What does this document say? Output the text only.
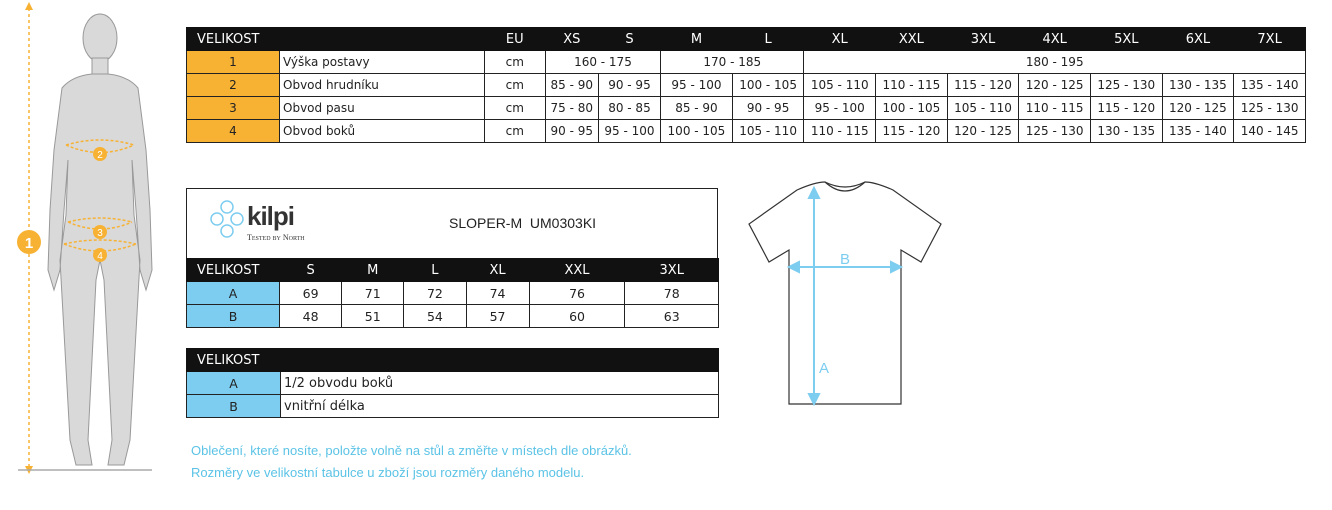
2
3
4
1
VELIKOST		EU	XS	S	M	L	XL	XXL	3XL	4XL	5XL	6XL	7XL
1	Výška postavy	cm	160 - 175		170 - 185		180 - 195						
2	Obvod hrudníku	cm	85 - 90	90 - 95	95 - 100	100 - 105	105 - 110	110 - 115	115 - 120	120 - 125	125 - 130	130 - 135	135 - 140
3	Obvod pasu	cm	75 - 80	80 - 85	85 - 90	90 - 95	95 - 100	100 - 105	105 - 110	110 - 115	115 - 120	120 - 125	125 - 130
4	Obvod boků	cm	90 - 95	95 - 100	100 - 105	105 - 110	110 - 115	115 - 120	120 - 125	125 - 130	130 - 135	135 - 140	140 - 145
kilpi
Tested by North
SLOPER-M  UM0303KI
VELIKOST	S	M	L	XL	XXL	3XL
A	69	71	72	74	76	78
B	48	51	54	57	60	63
VELIKOST	
A	1/2 obvodu boků
B	vnitřní délka
B
A
Oblečení, které nosíte, položte volně na stůl a změřte v místech dle obrázků.
Rozměry ve velikostní tabulce u zboží jsou rozměry daného modelu.
